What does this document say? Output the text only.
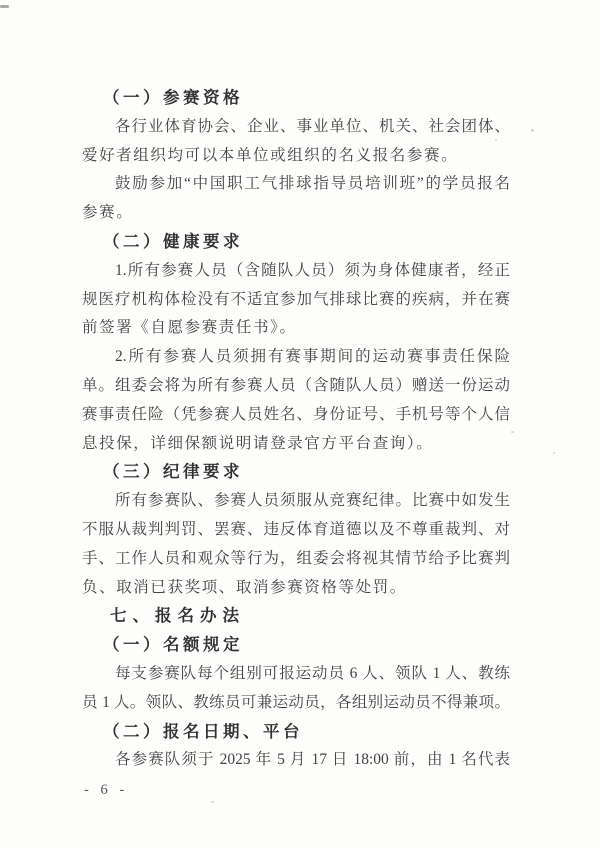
（一）参赛资格
各行业体育协会、企业、事业单位、机关、社会团体、
爱好者组织均可以本单位或组织的名义报名参赛。
鼓励参加“中国职工气排球指导员培训班”的学员报名
参赛。
（二）健康要求
1.所有参赛人员（含随队人员）须为身体健康者，经正
规医疗机构体检没有不适宜参加气排球比赛的疾病，并在赛
前签署《自愿参赛责任书》。
2.所有参赛人员须拥有赛事期间的运动赛事责任保险
单。组委会将为所有参赛人员（含随队人员）赠送一份运动
赛事责任险（凭参赛人员姓名、身份证号、手机号等个人信
息投保，详细保额说明请登录官方平台查询）。
（三）纪律要求
所有参赛队、参赛人员须服从竞赛纪律。比赛中如发生
不服从裁判判罚、罢赛、违反体育道德以及不尊重裁判、对
手、工作人员和观众等行为，组委会将视其情节给予比赛判
负、取消已获奖项、取消参赛资格等处罚。
七、报名办法
（一）名额规定
每支参赛队每个组别可报运动员 6 人、领队 1 人、教练
员 1 人。领队、教练员可兼运动员，各组别运动员不得兼项。
（二）报名日期、平台
各参赛队须于 2025 年 5 月 17 日 18:00 前，由 1 名代表
- 6 -
